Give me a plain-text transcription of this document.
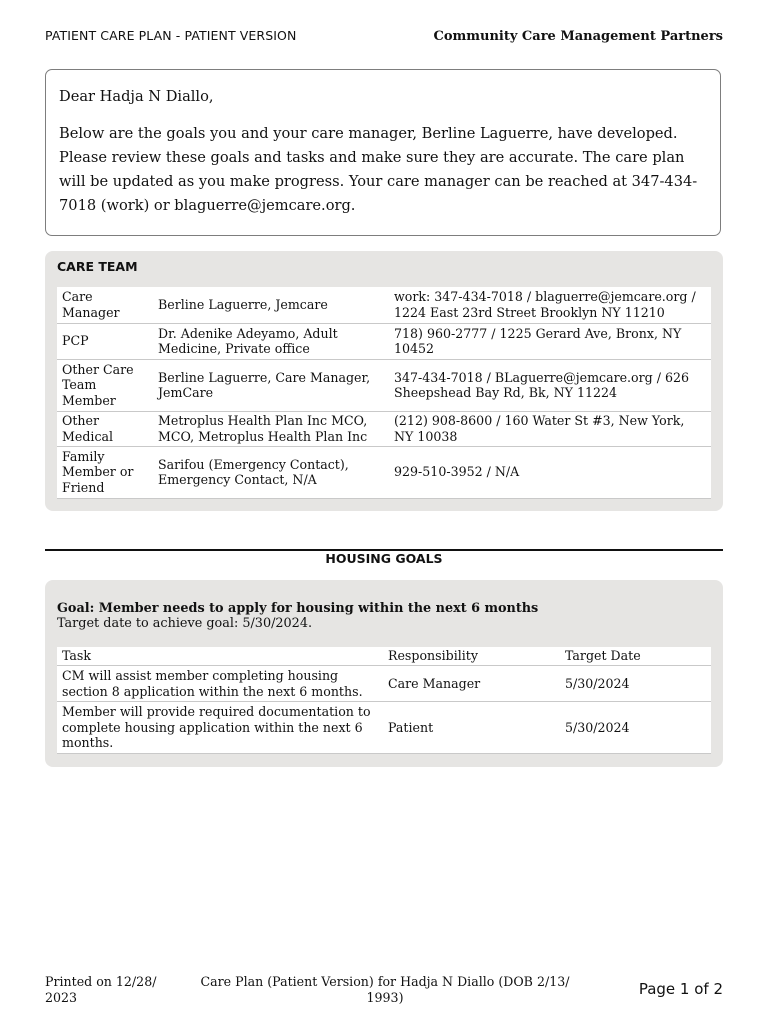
PATIENT CARE PLAN - PATIENT VERSION	Community Care Management Partners

Dear Hadja N Diallo,

Below are the goals you and your care manager, Berline Laguerre, have developed. Please review these goals and tasks and make sure they are accurate. The care plan will be updated as you make progress. Your care manager can be reached at 347-434-7018 (work) or blaguerre@jemcare.org.

CARE TEAM
Care Manager	Berline Laguerre, Jemcare	work: 347-434-7018 / blaguerre@jemcare.org / 1224 East 23rd Street Brooklyn NY 11210
PCP	Dr. Adenike Adeyamo, Adult Medicine, Private office	718) 960-2777 / 1225 Gerard Ave, Bronx, NY 10452
Other Care Team Member	Berline Laguerre, Care Manager, JemCare	347-434-7018 / BLaguerre@jemcare.org / 626 Sheepshead Bay Rd, Bk, NY 11224
Other Medical	Metroplus Health Plan Inc MCO, MCO, Metroplus Health Plan Inc	(212) 908-8600 / 160 Water St #3, New York, NY 10038
Family Member or Friend	Sarifou (Emergency Contact), Emergency Contact, N/A	929-510-3952 / N/A
HOUSING GOALS
Goal: Member needs to apply for housing within the next 6 months
Target date to achieve goal: 5/30/2024.
Task	Responsibility	Target Date
CM will assist member completing housing section 8 application within the next 6 months.	Care Manager	5/30/2024
Member will provide required documentation to complete housing application within the next 6 months.	Patient	5/30/2024
Printed on 12/28/ 2023
Care Plan (Patient Version) for Hadja N Diallo (DOB 2/13/ 1993)	Page 1 of 2
